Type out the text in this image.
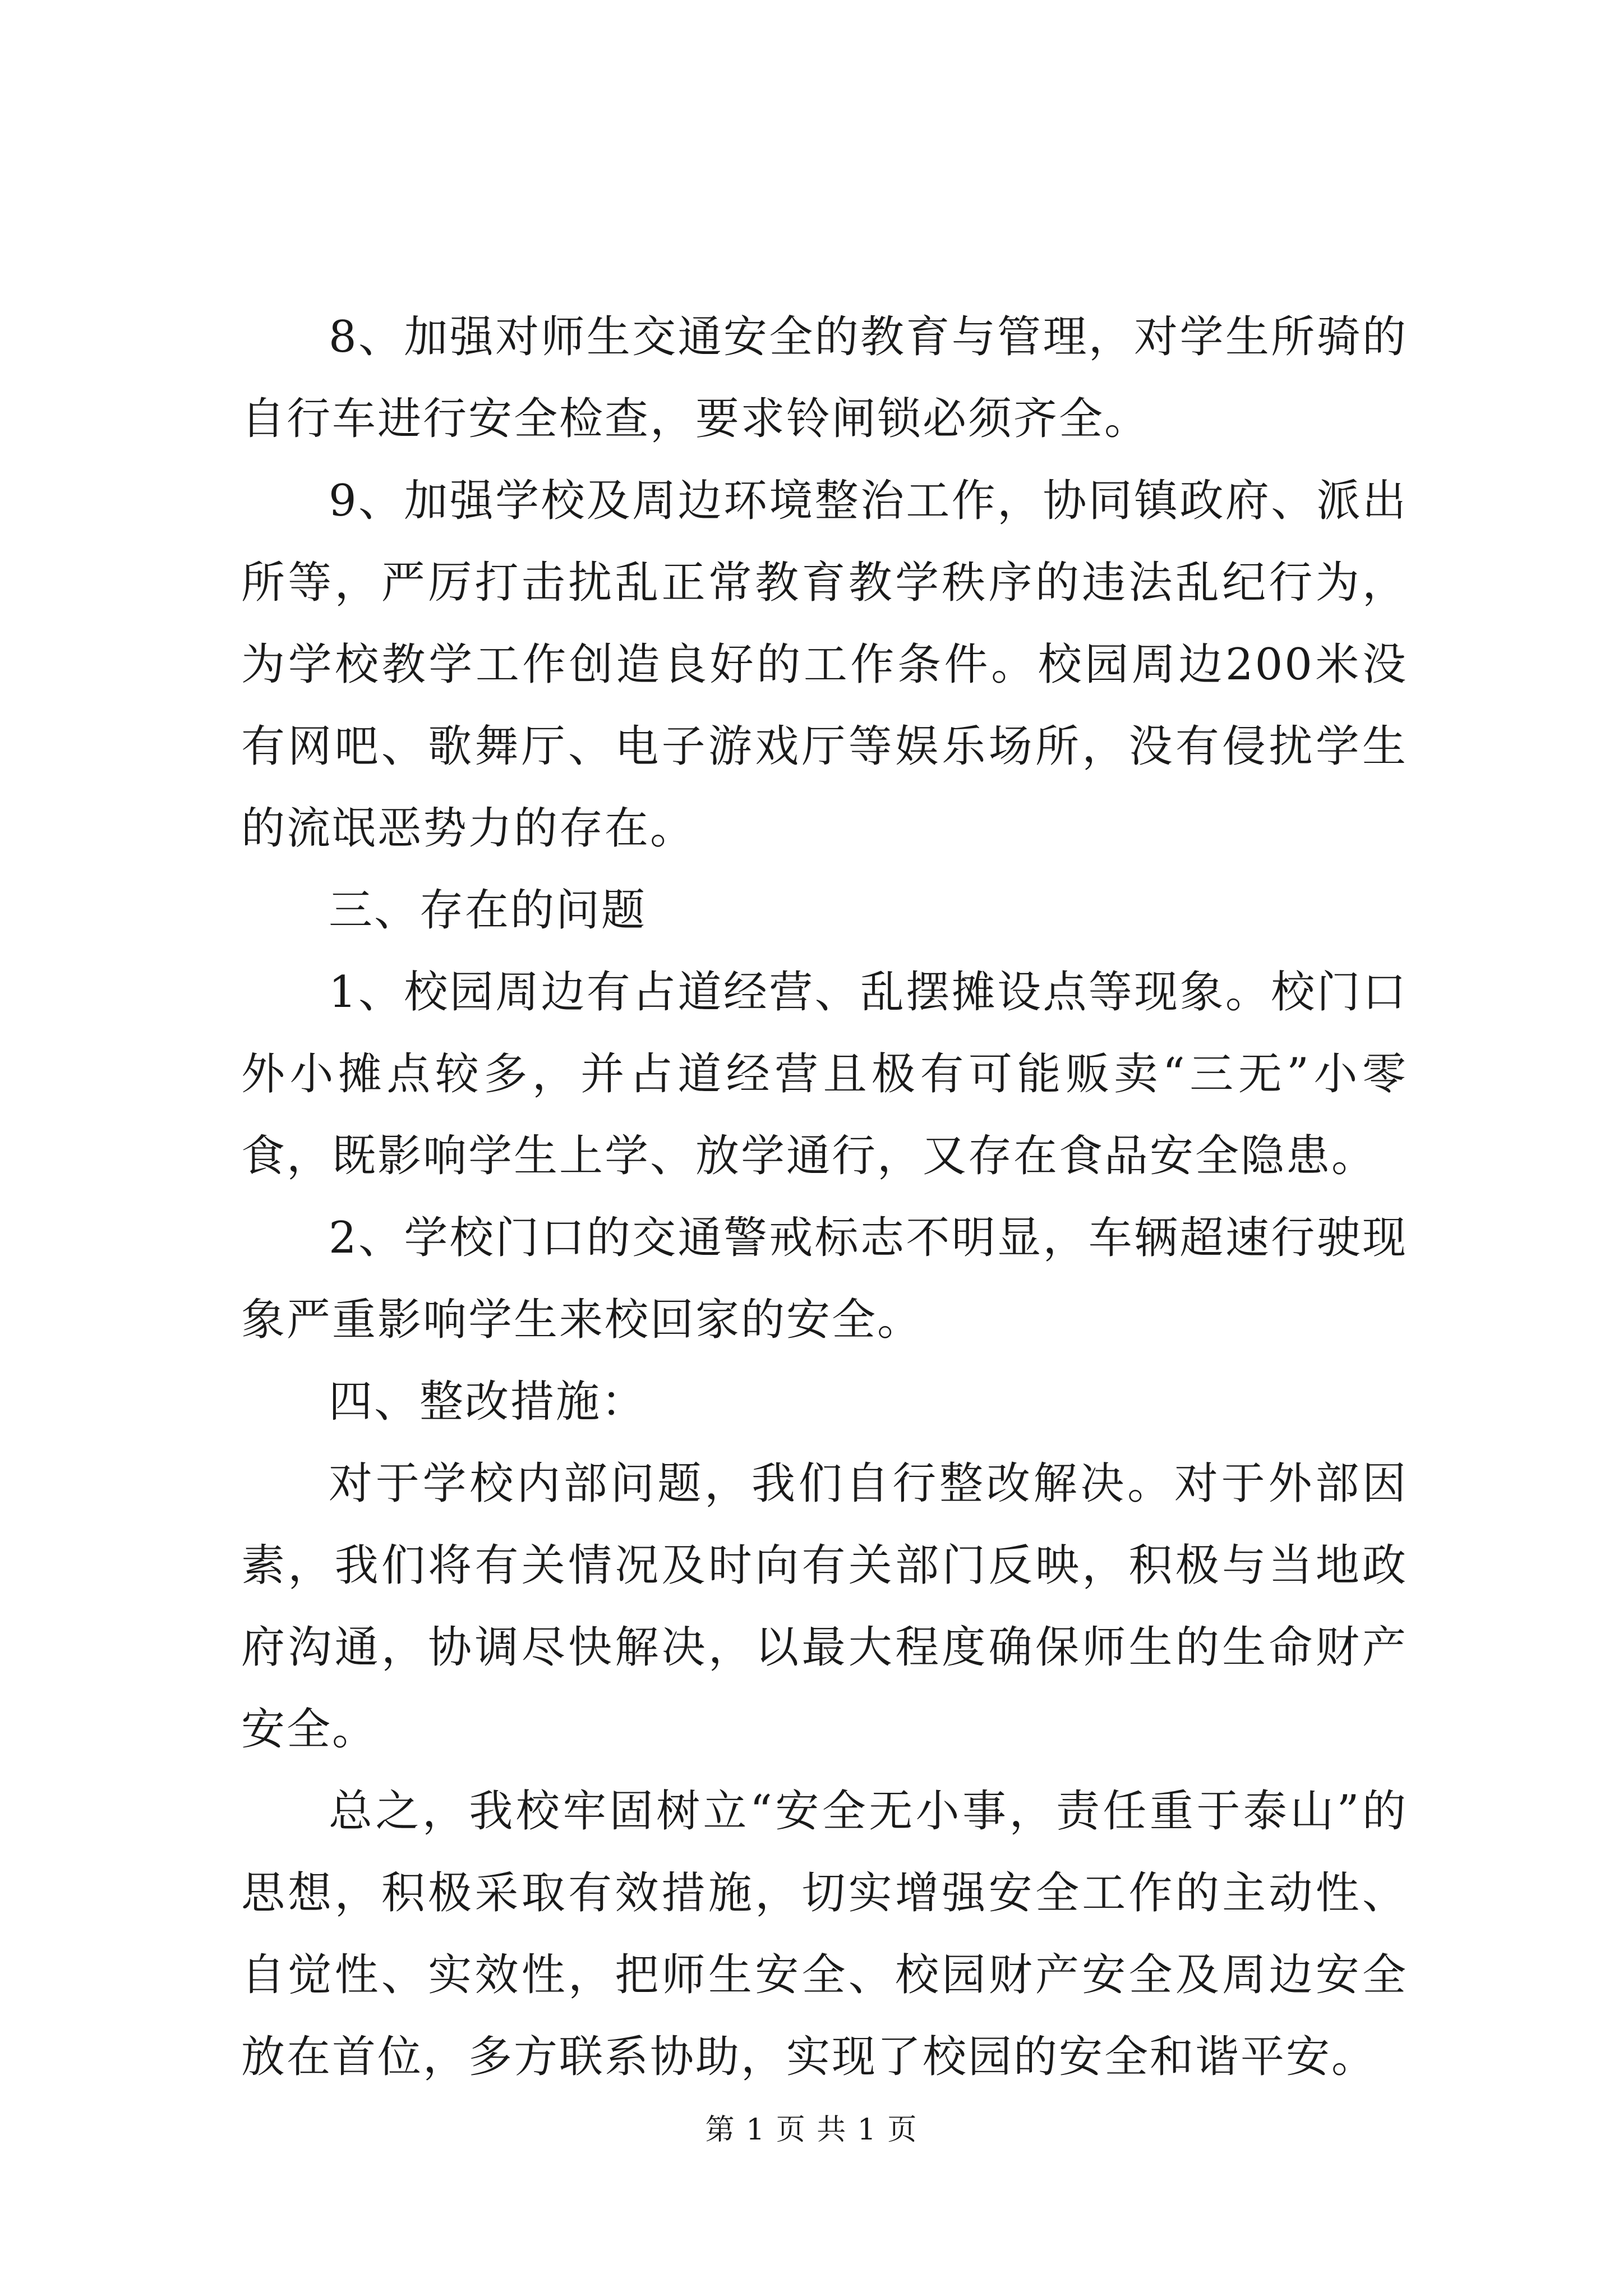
8、加强对师生交通安全的教育与管理，对学生所骑的自行车进行安全检查，要求铃闸锁必须齐全。

9、加强学校及周边环境整治工作，协同镇政府、派出所等，严厉打击扰乱正常教育教学秩序的违法乱纪行为，为学校教学工作创造良好的工作条件。校园周边200米没有网吧、歌舞厅、电子游戏厅等娱乐场所，没有侵扰学生的流氓恶势力的存在。

三、存在的问题

1、校园周边有占道经营、乱摆摊设点等现象。校门口外小摊点较多，并占道经营且极有可能贩卖“三无”小零食，既影响学生上学、放学通行，又存在食品安全隐患。

2、学校门口的交通警戒标志不明显，车辆超速行驶现象严重影响学生来校回家的安全。

四、整改措施：

对于学校内部问题，我们自行整改解决。对于外部因素，我们将有关情况及时向有关部门反映，积极与当地政府沟通，协调尽快解决，以最大程度确保师生的生命财产安全。

总之，我校牢固树立“安全无小事，责任重于泰山”的思想，积极采取有效措施，切实增强安全工作的主动性、自觉性、实效性，把师生安全、校园财产安全及周边安全放在首位，多方联系协助，实现了校园的安全和谐平安。

第 1 页 共 1 页
